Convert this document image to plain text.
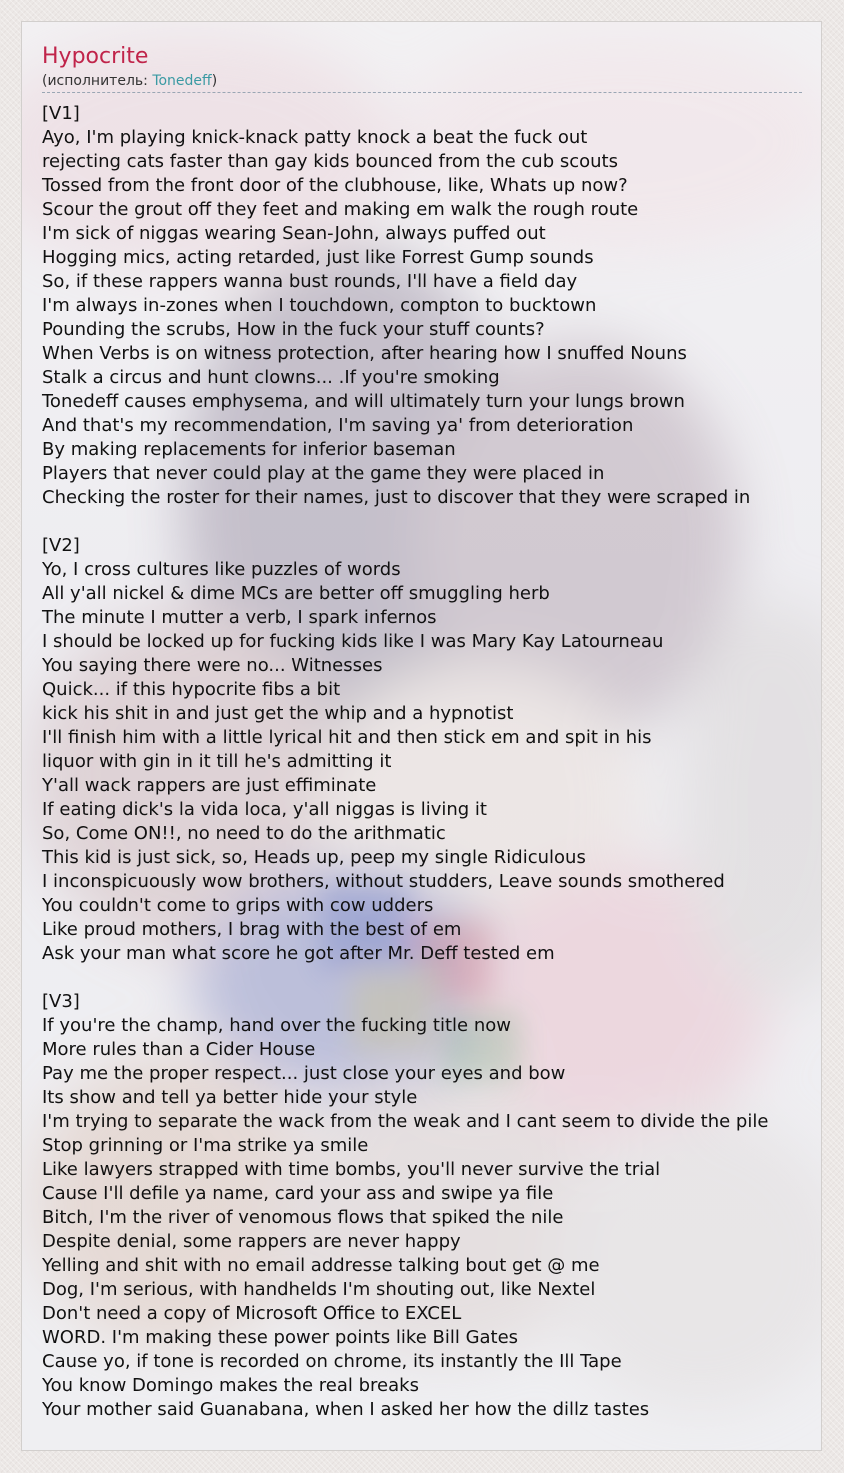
Hypocrite
(исполнитель: Tonedeff)
[V1]
Ayo, I'm playing knick-knack patty knock a beat the fuck out
rejecting cats faster than gay kids bounced from the cub scouts
Tossed from the front door of the clubhouse, like, Whats up now?
Scour the grout off they feet and making em walk the rough route
I'm sick of niggas wearing Sean-John, always puffed out
Hogging mics, acting retarded, just like Forrest Gump sounds
So, if these rappers wanna bust rounds, I'll have a field day
I'm always in-zones when I touchdown, compton to bucktown
Pounding the scrubs, How in the fuck your stuff counts?
When Verbs is on witness protection, after hearing how I snuffed Nouns
Stalk a circus and hunt clowns... .If you're smoking
Tonedeff causes emphysema, and will ultimately turn your lungs brown
And that's my recommendation, I'm saving ya' from deterioration
By making replacements for inferior baseman
Players that never could play at the game they were placed in
Checking the roster for their names, just to discover that they were scraped in
[V2]
Yo, I cross cultures like puzzles of words
All y'all nickel & dime MCs are better off smuggling herb
The minute I mutter a verb, I spark infernos
I should be locked up for fucking kids like I was Mary Kay Latourneau
You saying there were no... Witnesses
Quick... if this hypocrite fibs a bit
kick his shit in and just get the whip and a hypnotist
I'll finish him with a little lyrical hit and then stick em and spit in his
liquor with gin in it till he's admitting it
Y'all wack rappers are just effiminate
If eating dick's la vida loca, y'all niggas is living it
So, Come ON!!, no need to do the arithmatic
This kid is just sick, so, Heads up, peep my single Ridiculous
I inconspicuously wow brothers, without studders, Leave sounds smothered
You couldn't come to grips with cow udders
Like proud mothers, I brag with the best of em
Ask your man what score he got after Mr. Deff tested em
[V3]
If you're the champ, hand over the fucking title now
More rules than a Cider House
Pay me the proper respect... just close your eyes and bow
Its show and tell ya better hide your style
I'm trying to separate the wack from the weak and I cant seem to divide the pile
Stop grinning or I'ma strike ya smile
Like lawyers strapped with time bombs, you'll never survive the trial
Cause I'll defile ya name, card your ass and swipe ya file
Bitch, I'm the river of venomous flows that spiked the nile
Despite denial, some rappers are never happy
Yelling and shit with no email addresse talking bout get @ me
Dog, I'm serious, with handhelds I'm shouting out, like Nextel
Don't need a copy of Microsoft Office to EXCEL
WORD. I'm making these power points like Bill Gates
Cause yo, if tone is recorded on chrome, its instantly the Ill Tape
You know Domingo makes the real breaks
Your mother said Guanabana, when I asked her how the dillz tastes
